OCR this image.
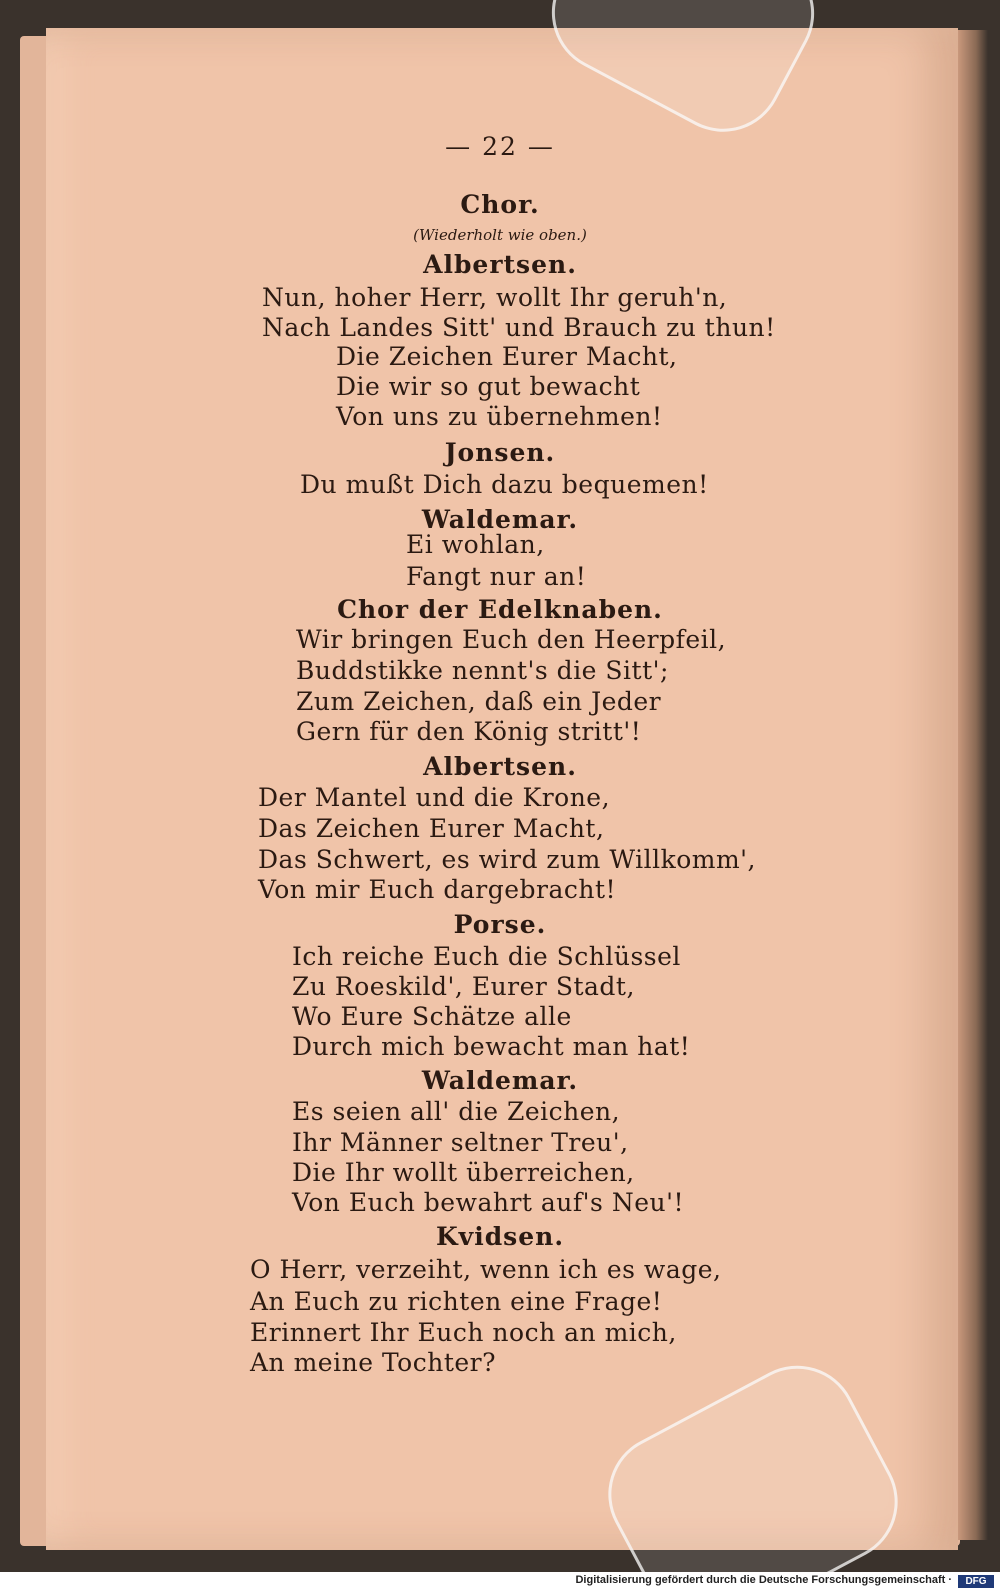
— 22 —
Chor.
(Wiederholt wie oben.)
Albertsen.
Nun, hoher Herr, wollt Ihr geruh'n,
Nach Landes Sitt' und Brauch zu thun!
Die Zeichen Eurer Macht,
Die wir so gut bewacht
Von uns zu übernehmen!
Jonsen.
Du mußt Dich dazu bequemen!
Waldemar.
Ei wohlan,
Fangt nur an!
Chor der Edelknaben.
Wir bringen Euch den Heerpfeil,
Buddstikke nennt's die Sitt';
Zum Zeichen, daß ein Jeder
Gern für den König stritt'!
Albertsen.
Der Mantel und die Krone,
Das Zeichen Eurer Macht,
Das Schwert, es wird zum Willkomm',
Von mir Euch dargebracht!
Porse.
Ich reiche Euch die Schlüssel
Zu Roeskild', Eurer Stadt,
Wo Eure Schätze alle
Durch mich bewacht man hat!
Waldemar.
Es seien all' die Zeichen,
Ihr Männer seltner Treu',
Die Ihr wollt überreichen,
Von Euch bewahrt auf's Neu'!
Kvidsen.
O Herr, verzeiht, wenn ich es wage,
An Euch zu richten eine Frage!
Erinnert Ihr Euch noch an mich,
An meine Tochter?
Digitalisierung gefördert durch die Deutsche Forschungsgemeinschaft ·	DFG
